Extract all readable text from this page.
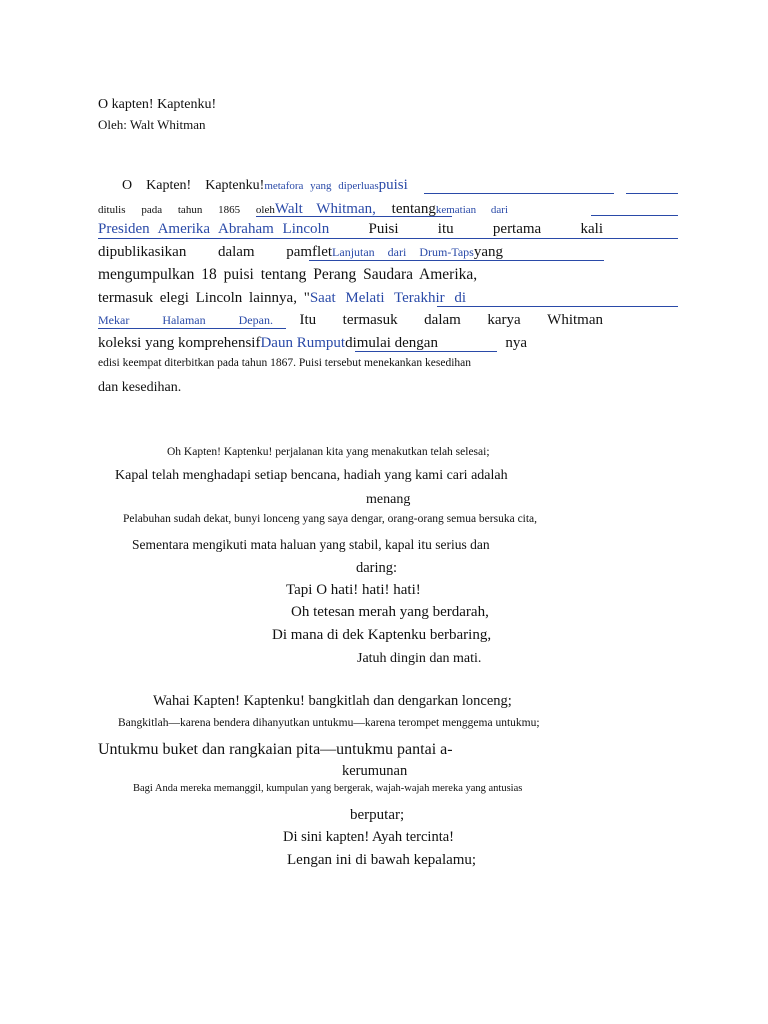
O kapten! Kaptenku!
Oleh: Walt Whitman
O Kapten! Kaptenku! metafora yang diperluas puisi
ditulis pada tahun 1865 olehWalt Whitman, tentangkematian dari
Presiden Amerika Abraham Lincoln	Puisi	itu	pertama	kali
dipublikasikan dalam pamfletLanjutan dari Drum-Tapsyang
mengumpulkan 18 puisi tentang Perang Saudara Amerika,
termasuk elegi Lincoln lainnya, "Saat Melati Terakhir di
Mekar Halaman Depan. Itu termasuk dalam karya Whitman
koleksi yang komprehensifDaun Rumputdimulai dengan	nya
edisi keempat diterbitkan pada tahun 1867. Puisi tersebut menekankan kesedihan
dan kesedihan.
Oh Kapten! Kaptenku! perjalanan kita yang menakutkan telah selesai;
Kapal telah menghadapi setiap bencana, hadiah yang kami cari adalah
menang
Pelabuhan sudah dekat, bunyi lonceng yang saya dengar, orang-orang semua bersuka cita,
Sementara mengikuti mata haluan yang stabil, kapal itu serius dan
daring:
Tapi O hati! hati! hati!
Oh tetesan merah yang berdarah,
Di mana di dek Kaptenku berbaring,
Jatuh dingin dan mati.
Wahai Kapten! Kaptenku! bangkitlah dan dengarkan lonceng;
Bangkitlah—karena bendera dihanyutkan untukmu—karena terompet menggema untukmu;
Untukmu buket dan rangkaian pita—untukmu pantai a-
kerumunan
Bagi Anda mereka memanggil, kumpulan yang bergerak, wajah-wajah mereka yang antusias
berputar;
Di sini kapten! Ayah tercinta!
Lengan ini di bawah kepalamu;
